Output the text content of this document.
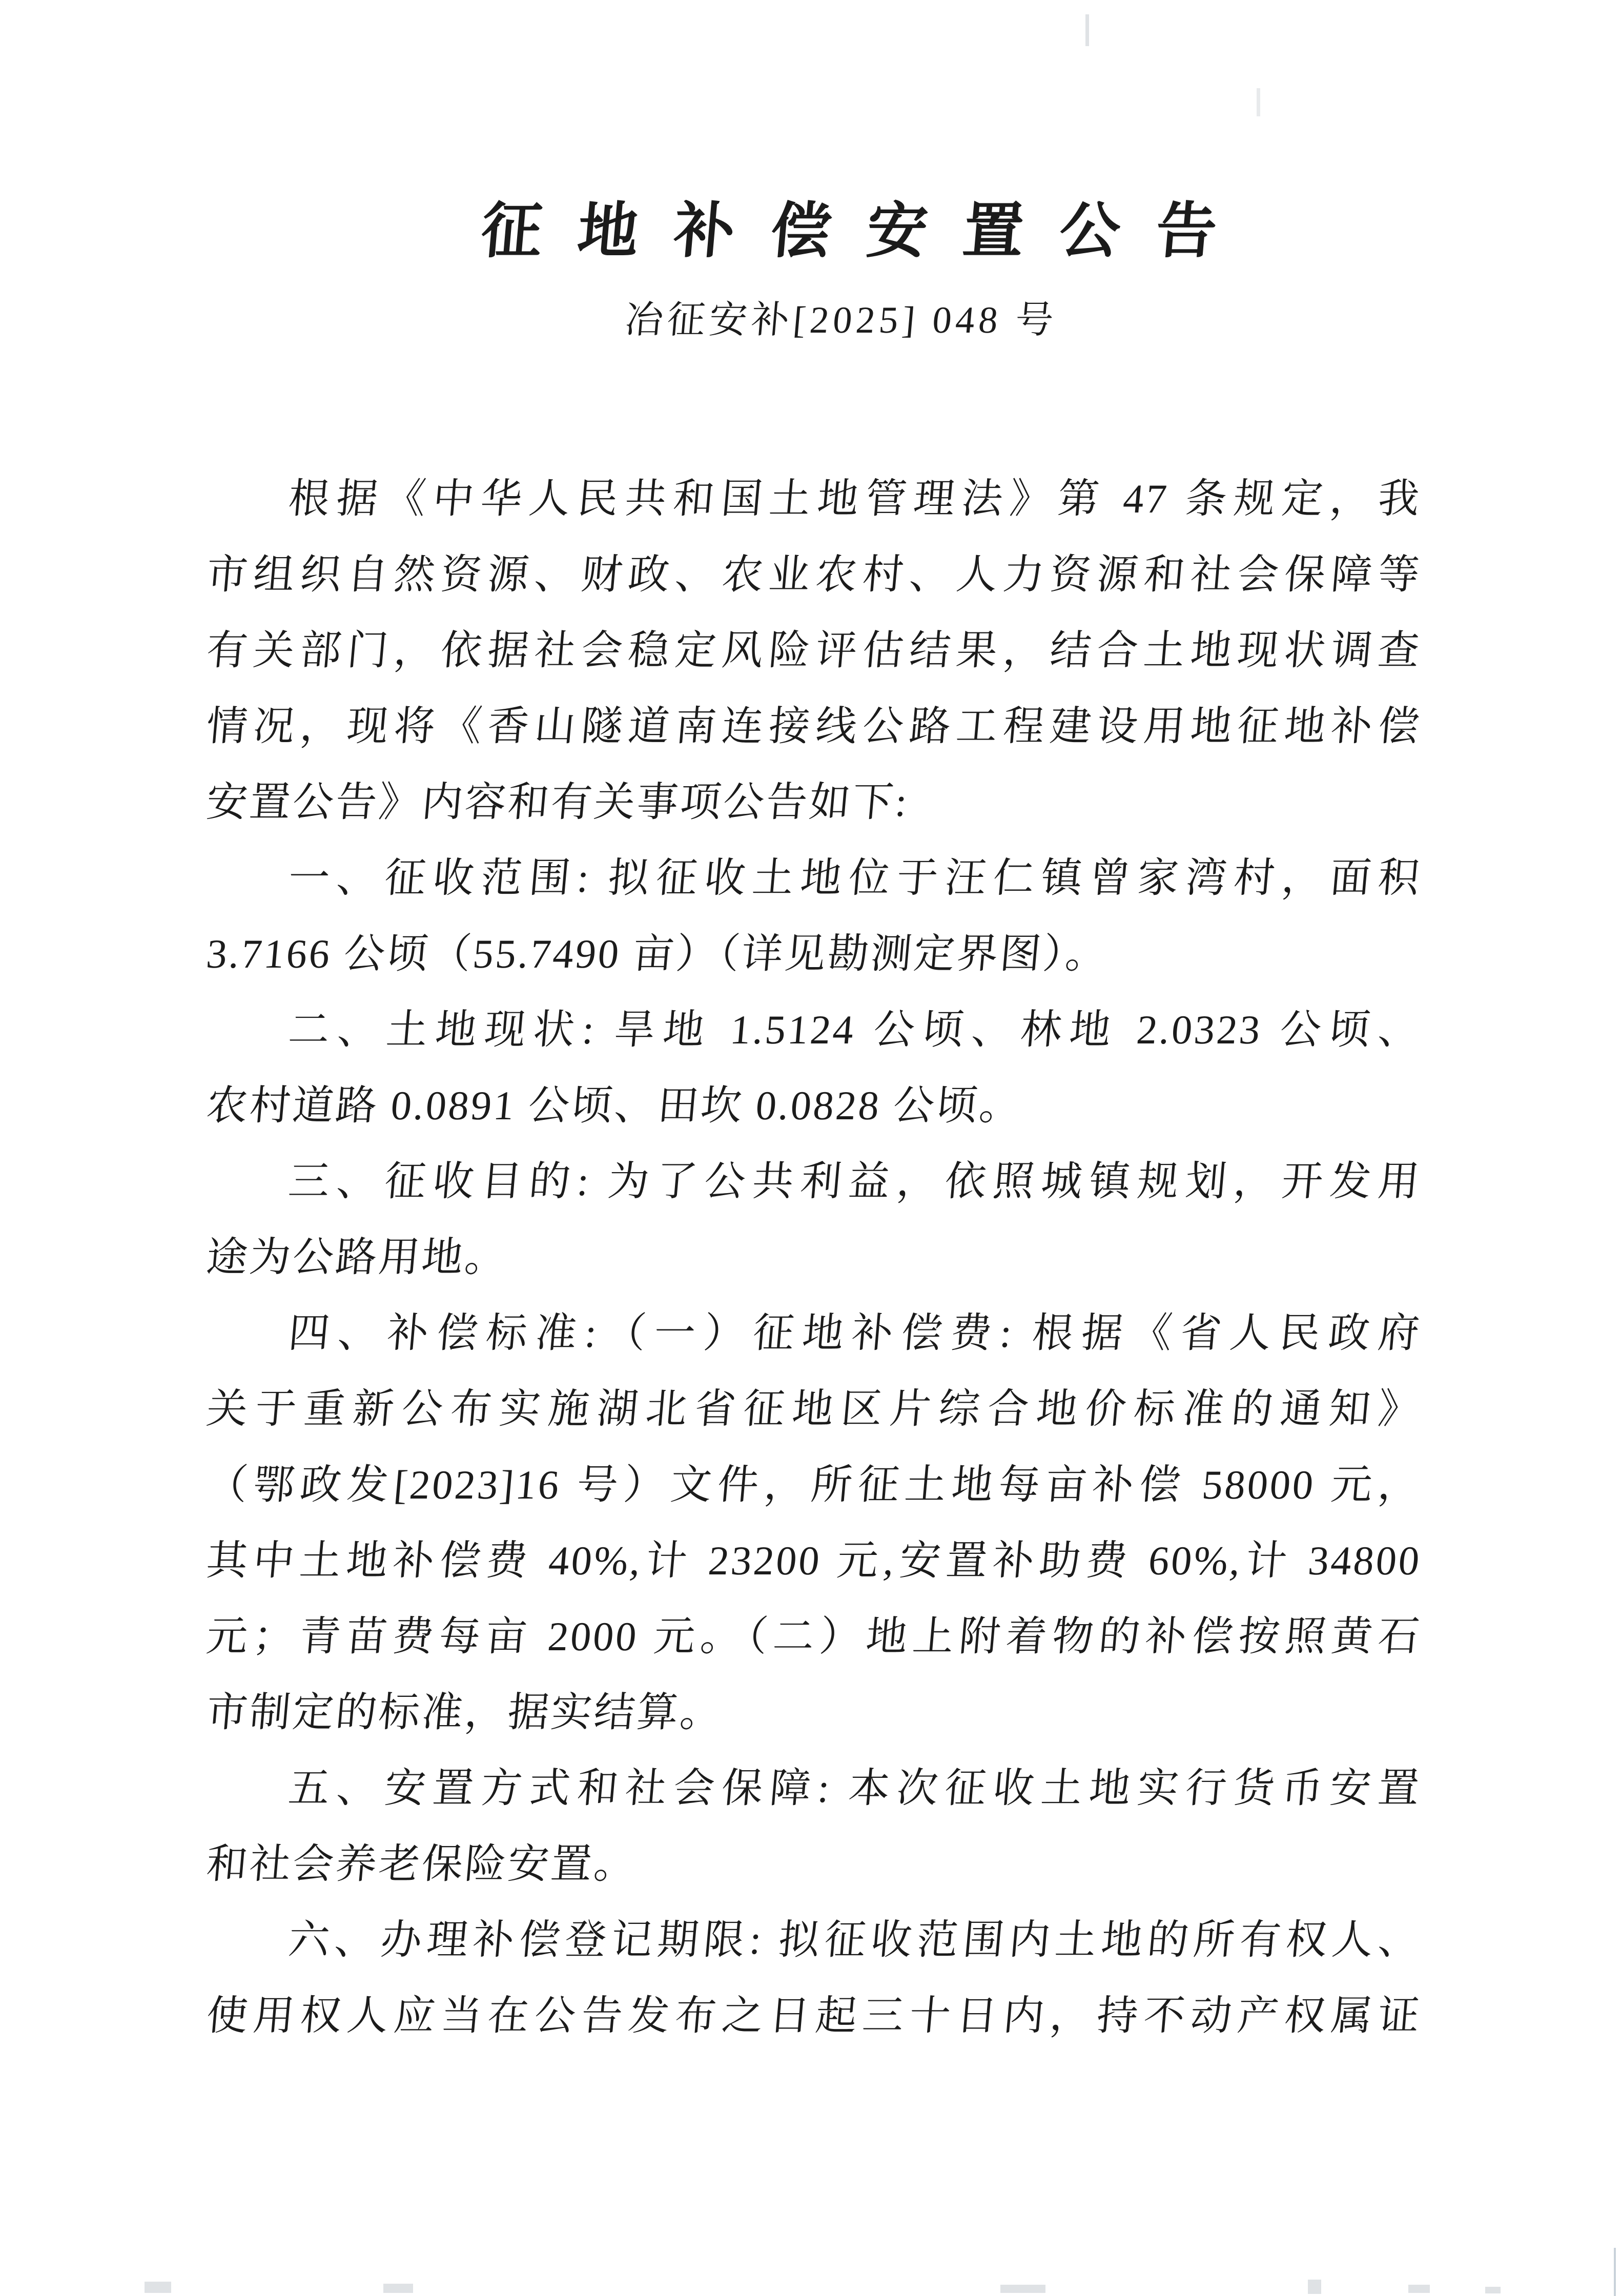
征地补偿安置公告
冶征安补[2025] 048 号
根据《中华人民共和国土地管理法》第 47 条规定，我
市组织自然资源、财政、农业农村、人力资源和社会保障等
有关部门，依据社会稳定风险评估结果，结合土地现状调查
情况，现将《香山隧道南连接线公路工程建设用地征地补偿
安置公告》内容和有关事项公告如下:
一、征收范围: 拟征收土地位于汪仁镇曾家湾村，面积
3.7166 公顷（55.7490 亩）（详见勘测定界图）。
二、土地现状: 旱地 1.5124 公顷、林地 2.0323 公顷、
农村道路 0.0891 公顷、田坎 0.0828 公顷。
三、征收目的: 为了公共利益，依照城镇规划，开发用
途为公路用地。
四、补偿标准:（一）征地补偿费: 根据《省人民政府
关于重新公布实施湖北省征地区片综合地价标准的通知》
（鄂政发[2023]16 号）文件，所征土地每亩补偿 58000 元，
其中土地补偿费 40%,计 23200 元,安置补助费 60%,计 34800
元；青苗费每亩 2000 元。（二）地上附着物的补偿按照黄石
市制定的标准，据实结算。
五、安置方式和社会保障: 本次征收土地实行货币安置
和社会养老保险安置。
六、办理补偿登记期限: 拟征收范围内土地的所有权人、
使用权人应当在公告发布之日起三十日内，持不动产权属证
